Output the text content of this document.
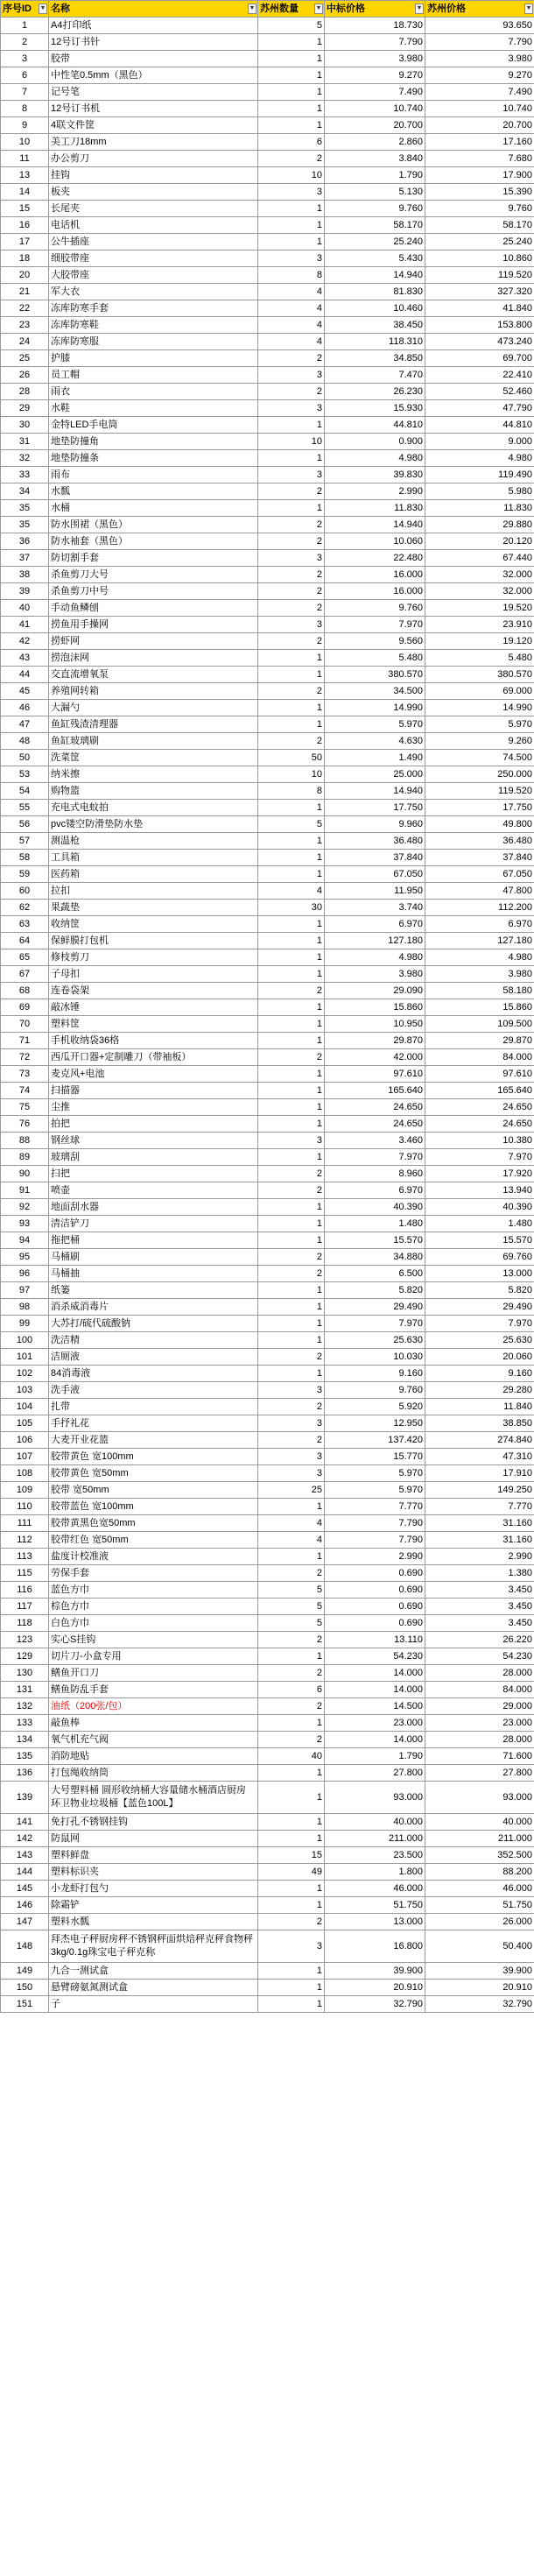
序号ID ▼	名称 ▼	苏州数量 ▼	中标价格 ▼	苏州价格 ▼

1	A4打印纸	5	18.730	93.650
2	12号订书针	1	7.790	7.790
3	胶带	1	3.980	3.980
6	中性笔0.5mm（黑色）	1	9.270	9.270
7	记号笔	1	7.490	7.490
8	12号订书机	1	10.740	10.740
9	4联文件筐	1	20.700	20.700
10	美工刀18mm	6	2.860	17.160
11	办公剪刀	2	3.840	7.680
13	挂钩	10	1.790	17.900
14	板夹	3	5.130	15.390
15	长尾夹	1	9.760	9.760
16	电话机	1	58.170	58.170
17	公牛插座	1	25.240	25.240
18	细胶带座	3	5.430	10.860
20	大胶带座	8	14.940	119.520
21	军大衣	4	81.830	327.320
22	冻库防寒手套	4	10.460	41.840
23	冻库防寒鞋	4	38.450	153.800
24	冻库防寒服	4	118.310	473.240
25	护膝	2	34.850	69.700
26	员工帽	3	7.470	22.410
28	雨衣	2	26.230	52.460
29	水鞋	3	15.930	47.790
30	金特LED手电筒	1	44.810	44.810
31	地垫防撞角	10	0.900	9.000
32	地垫防撞条	1	4.980	4.980
33	雨布	3	39.830	119.490
34	水瓢	2	2.990	5.980
35	水桶	1	11.830	11.830
35	防水围裙（黑色）	2	14.940	29.880
36	防水袖套（黑色）	2	10.060	20.120
37	防切割手套	3	22.480	67.440
38	杀鱼剪刀大号	2	16.000	32.000
39	杀鱼剪刀中号	2	16.000	32.000
40	手动鱼鳞刨	2	9.760	19.520
41	捞鱼用手操网	3	7.970	23.910
42	捞虾网	2	9.560	19.120
43	捞泡沫网	1	5.480	5.480
44	交直流增氧泵	1	380.570	380.570
45	养殖网转箱	2	34.500	69.000
46	大漏勺	1	14.990	14.990
47	鱼缸残渣清理器	1	5.970	5.970
48	鱼缸玻璃刷	2	4.630	9.260
50	洗菜筐	50	1.490	74.500
53	纳米擦	10	25.000	250.000
54	购物篮	8	14.940	119.520
55	充电式电蚊拍	1	17.750	17.750
56	pvc镂空防滑垫防水垫	5	9.960	49.800
57	测温枪	1	36.480	36.480
58	工具箱	1	37.840	37.840
59	医药箱	1	67.050	67.050
60	拉扣	4	11.950	47.800
62	果蔬垫	30	3.740	112.200
63	收纳筐	1	6.970	6.970
64	保鲜膜打包机	1	127.180	127.180
65	修枝剪刀	1	4.980	4.980
67	子母扣	1	3.980	3.980
68	连卷袋架	2	29.090	58.180
69	敲冰锤	1	15.860	15.860
70	塑料筐	1	10.950	109.500
71	手机收纳袋36格	1	29.870	29.870
72	西瓜开口器+定制雕刀（带袖板）	2	42.000	84.000
73	麦克风+电池	1	97.610	97.610
74	扫描器	1	165.640	165.640
75	尘推	1	24.650	24.650
76	拍把	1	24.650	24.650
88	钢丝球	3	3.460	10.380
89	玻璃刮	1	7.970	7.970
90	扫把	2	8.960	17.920
91	喷壶	2	6.970	13.940
92	地面刮水器	1	40.390	40.390
93	清洁铲刀	1	1.480	1.480
94	拖把桶	1	15.570	15.570
95	马桶刷	2	34.880	69.760
96	马桶抽	2	6.500	13.000
97	纸篓	1	5.820	5.820
98	消杀威消毒片	1	29.490	29.490
99	大苏打/硫代硫酸钠	1	7.970	7.970
100	洗洁精	1	25.630	25.630
101	洁厕液	2	10.030	20.060
102	84消毒液	1	9.160	9.160
103	洗手液	3	9.760	29.280
104	扎带	2	5.920	11.840
105	手抒礼花	3	12.950	38.850
106	大麦开业花篮	2	137.420	274.840
107	胶带黄色 宽100mm	3	15.770	47.310
108	胶带黄色 宽50mm	3	5.970	17.910
109	胶带 宽50mm	25	5.970	149.250
110	胶带蓝色 宽100mm	1	7.770	7.770
111	胶带黄黑色宽50mm	4	7.790	31.160
112	胶带红色 宽50mm	4	7.790	31.160
113	盐度计校准液	1	2.990	2.990
115	劳保手套	2	0.690	1.380
116	蓝色方巾	5	0.690	3.450
117	棕色方巾	5	0.690	3.450
118	白色方巾	5	0.690	3.450
123	实心S挂钩	2	13.110	26.220
129	切片刀-小盒专用	1	54.230	54.230
130	鳝鱼开口刀	2	14.000	28.000
131	鳝鱼防乱手套	6	14.000	84.000
132	油纸（200张/包）	2	14.500	29.000
133	敲鱼棒	1	23.000	23.000
134	氧气机充气阀	2	14.000	28.000
135	消防地贴	40	1.790	71.600
136	打包绳收纳筒	1	27.800	27.800
139	大号塑料桶 圆形收纳桶大容量储水桶酒店厨房环卫物业垃圾桶【蓝色100L】	1	93.000	93.000
141	免打孔不锈钢挂钩	1	40.000	40.000
142	防鼠网	1	211.000	211.000
143	塑料鲜盘	15	23.500	352.500
144	塑料标识夹	49	1.800	88.200
145	小龙虾打包勺	1	46.000	46.000
146	除霜铲	1	51.750	51.750
147	塑料水瓢	2	13.000	26.000
148	拜杰电子秤厨房秤不锈钢秤面烘焙秤克秤食物秤3kg/0.1g珠宝电子秤克称	3	16.800	50.400
149	九合一测试盒	1	39.900	39.900
150	悬臂磅氨氮测试盒	1	20.910	20.910
151	子	1	32.790	32.790
